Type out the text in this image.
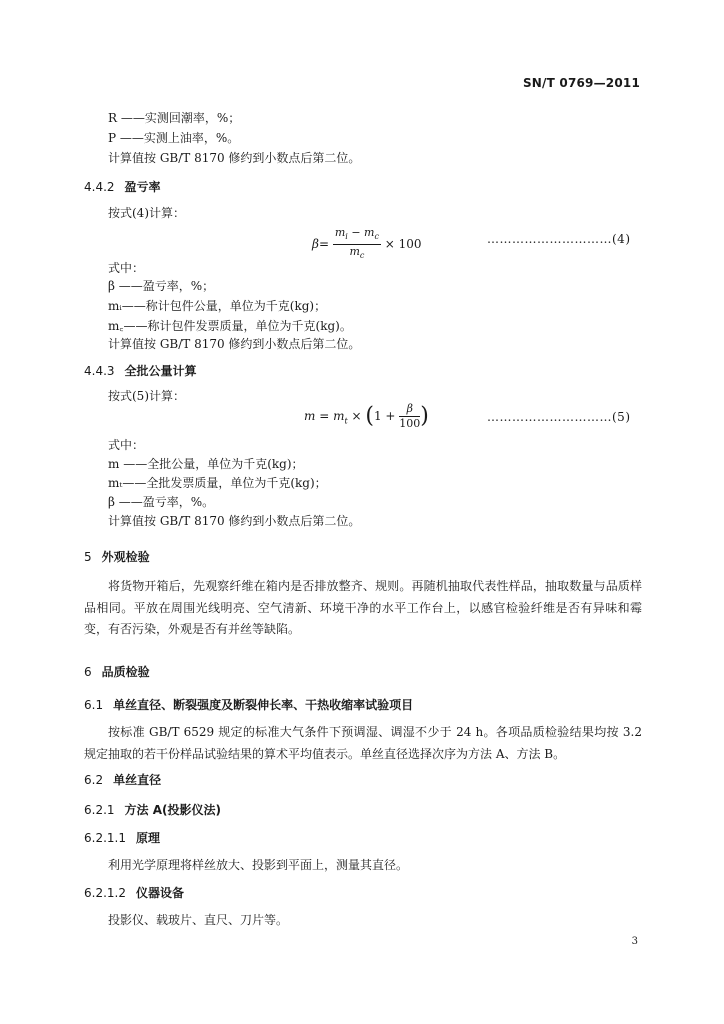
SN/T 0769—2011
R ——实测回潮率，%；
P ——实测上油率，%。
计算值按 GB/T 8170 修约到小数点后第二位。
4.4.2 盈亏率
按式(4)计算：
$\beta= \frac{m_i - m_c}{m_c} \times 100$	…………………………(4)
式中：
β ——盈亏率，%；
mᵢ——称计包件公量，单位为千克(kg)；
m꜀——称计包件发票质量，单位为千克(kg)。
计算值按 GB/T 8170 修约到小数点后第二位。
4.4.3 全批公量计算
按式(5)计算：
$m = m_t \times (1 + \frac{\beta}{100}$ )	…………………………(5)
式中：
m ——全批公量，单位为千克(kg)；
mₜ——全批发票质量，单位为千克(kg)；
β ——盈亏率，%。
计算值按 GB/T 8170 修约到小数点后第二位。
5 外观检验
将货物开箱后，先观察纤维在箱内是否排放整齐、规则。再随机抽取代表性样品，抽取数量与品质样品相同。平放在周围光线明亮、空气清新、环境干净的水平工作台上，以感官检验纤维是否有异味和霉变，有否污染，外观是否有并丝等缺陷。
6 品质检验
6.1 单丝直径、断裂强度及断裂伸长率、干热收缩率试验项目
按标准 GB/T 6529 规定的标准大气条件下预调湿、调湿不少于 24 h。各项品质检验结果均按 3.2 规定抽取的若干份样品试验结果的算术平均值表示。单丝直径选择次序为方法 A、方法 B。
6.2 单丝直径
6.2.1 方法 A(投影仪法)
6.2.1.1 原理
利用光学原理将样丝放大、投影到平面上，测量其直径。
6.2.1.2 仪器设备
投影仪、载玻片、直尺、刀片等。
3
